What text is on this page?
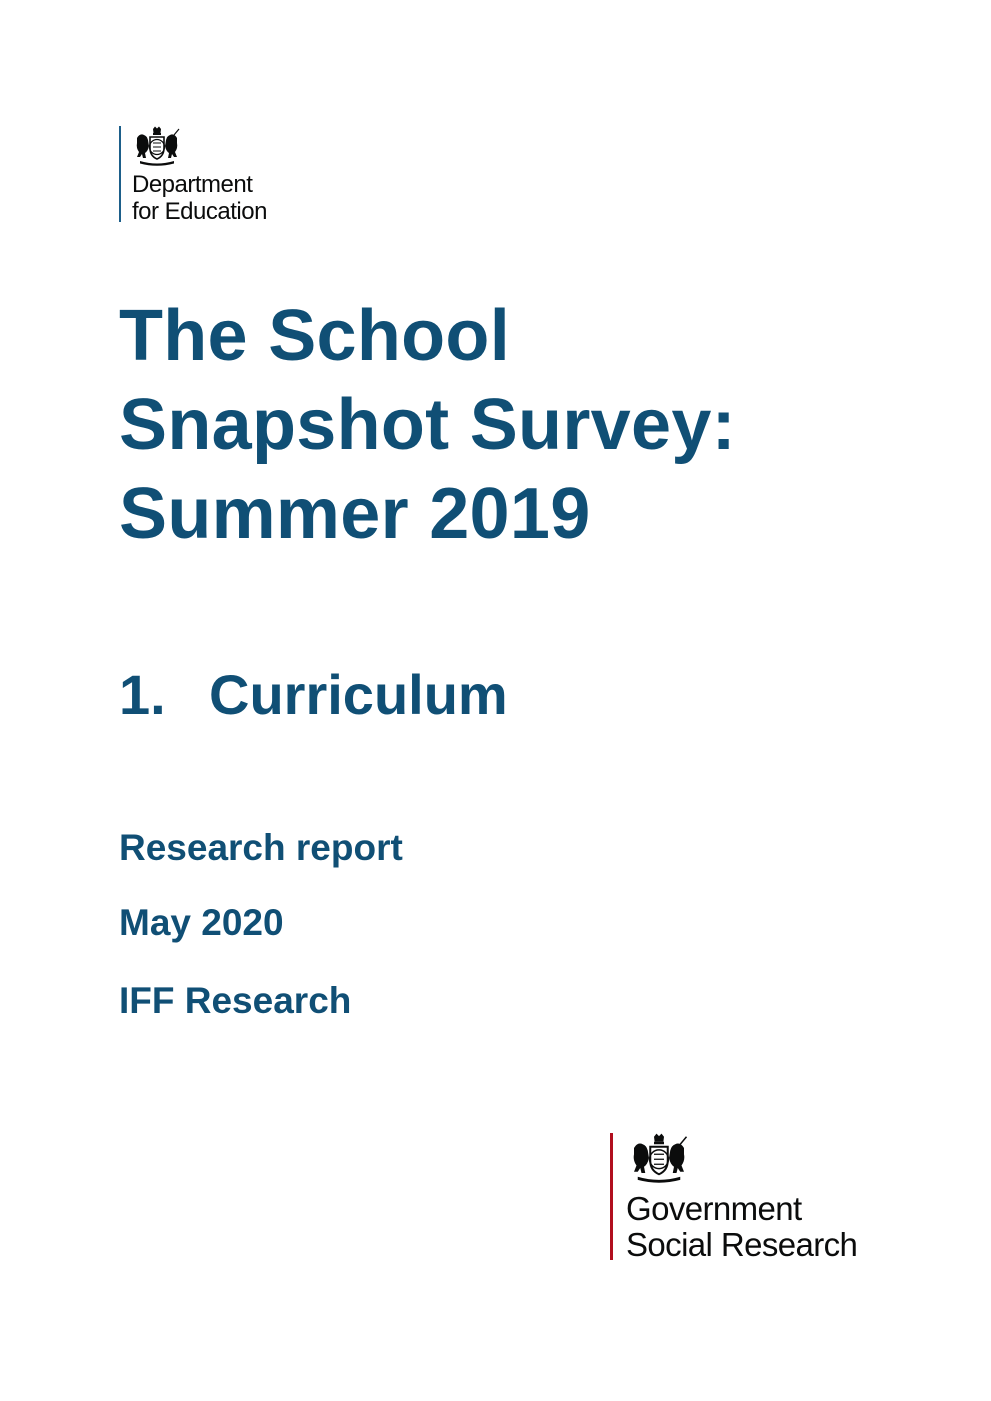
Department
for Education
The School
Snapshot Survey:
Summer 2019
1. Curriculum
Research report
May 2020
IFF Research
Government
Social Research
